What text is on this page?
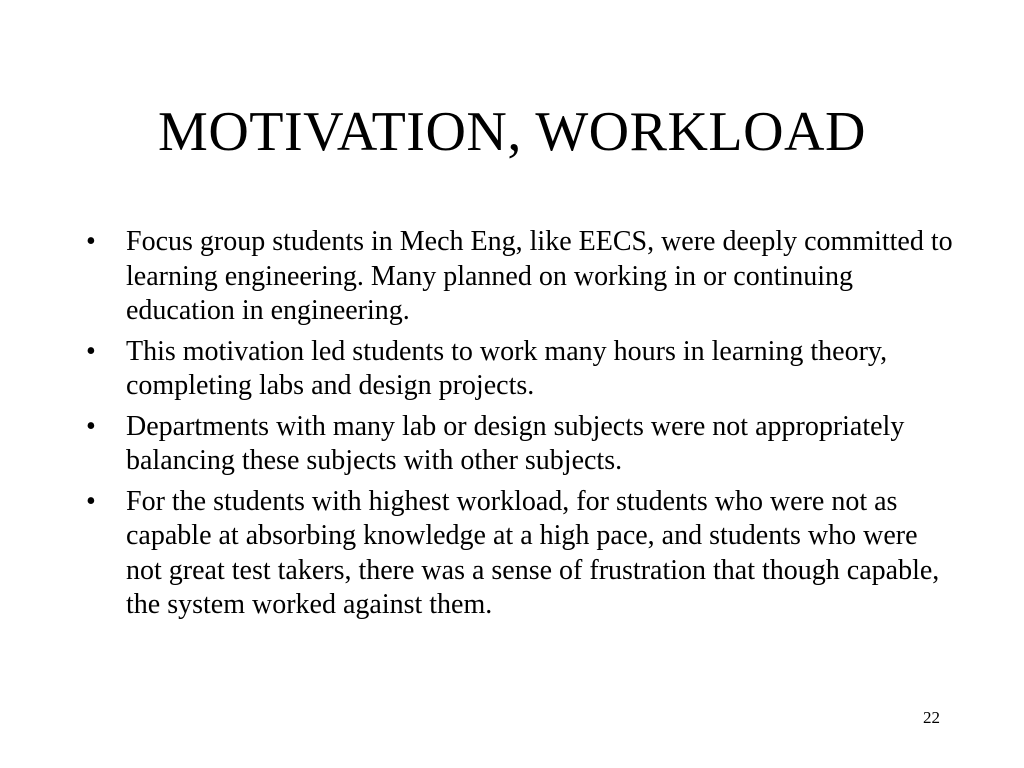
MOTIVATION, WORKLOAD
•	Focus group students in Mech Eng, like EECS, were deeply committed to learning engineering. Many planned on working in or continuing education in engineering.
•	This motivation led students to work many hours in learning theory, completing labs and design projects.
•	Departments with many lab or design subjects were not appropriately balancing these subjects with other subjects.
•	For the students with highest workload, for students who were not as capable at absorbing knowledge at a high pace, and students who were not great test takers, there was a sense of frustration that though capable, the system worked against them.
22
